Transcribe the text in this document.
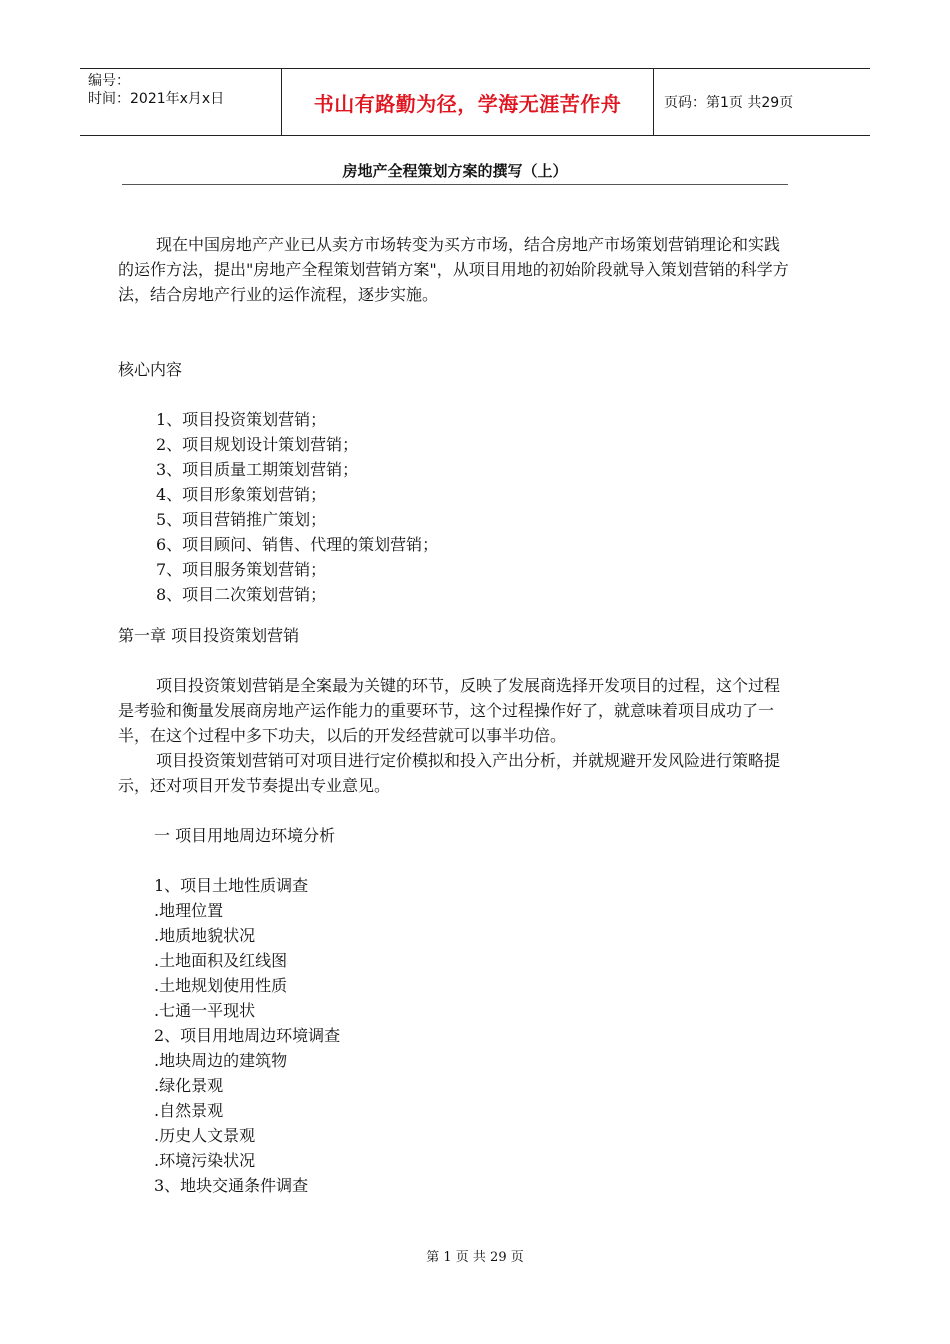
编号：
时间：2021年x月x日	书山有路勤为径，学海无涯苦作舟	页码：第1页 共29页
房地产全程策划方案的撰写（上）

现在中国房地产产业已从卖方市场转变为买方市场，结合房地产市场策划营销理论和实践的运作方法，提出"房地产全程策划营销方案"，从项目用地的初始阶段就导入策划营销的科学方法，结合房地产行业的运作流程，逐步实施。

核心内容

1、项目投资策划营销；

2、项目规划设计策划营销；

3、项目质量工期策划营销；

4、项目形象策划营销；

5、项目营销推广策划；

6、项目顾问、销售、代理的策划营销；

7、项目服务策划营销；

8、项目二次策划营销；

第一章 项目投资策划营销

项目投资策划营销是全案最为关键的环节，反映了发展商选择开发项目的过程，这个过程是考验和衡量发展商房地产运作能力的重要环节，这个过程操作好了，就意味着项目成功了一半，在这个过程中多下功夫，以后的开发经营就可以事半功倍。

项目投资策划营销可对项目进行定价模拟和投入产出分析，并就规避开发风险进行策略提示，还对项目开发节奏提出专业意见。

一 项目用地周边环境分析

1、项目土地性质调查

.地理位置

.地质地貌状况

.土地面积及红线图

.土地规划使用性质

.七通一平现状

2、项目用地周边环境调查

.地块周边的建筑物

.绿化景观

.自然景观

.历史人文景观

.环境污染状况

3、地块交通条件调查

第 1 页 共 29 页
